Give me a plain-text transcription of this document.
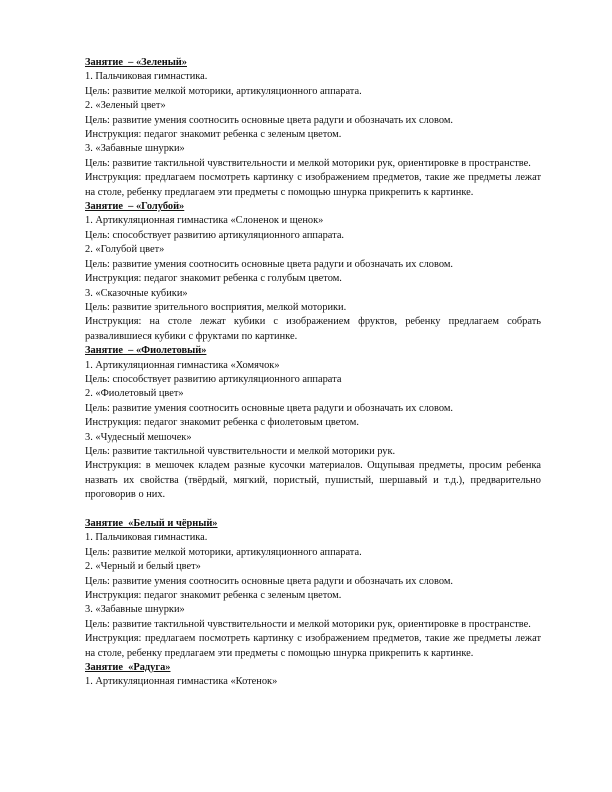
Занятие  – «Зеленый»

1. Пальчиковая гимнастика.

Цель: развитие мелкой моторики, артикуляционного аппарата.

2. «Зеленый цвет»

Цель: развитие умения соотносить основные цвета радуги и обозначать их словом.

Инструкция: педагог знакомит ребенка с зеленым цветом.

3. «Забавные шнурки»

Цель: развитие тактильной чувствительности и мелкой моторики рук, ориентировке в пространстве.

Инструкция: предлагаем посмотреть картинку с изображением предметов, такие же предметы лежат на столе, ребенку предлагаем эти предметы с помощью шнурка прикрепить к картинке.

Занятие  – «Голубой»

1. Артикуляционная гимнастика «Слоненок и щенок»

Цель: способствует развитию артикуляционного аппарата.

2. «Голубой цвет»

Цель: развитие умения соотносить основные цвета радуги и обозначать их словом.

Инструкция: педагог знакомит ребенка с голубым цветом.

3. «Сказочные кубики»

Цель: развитие зрительного восприятия, мелкой моторики.

Инструкция: на столе лежат кубики с изображением фруктов, ребенку предлагаем собрать развалившиеся кубики с фруктами по картинке.

Занятие  – «Фиолетовый»

1. Артикуляционная гимнастика «Хомячок»

Цель: способствует развитию артикуляционного аппарата

2. «Фиолетовый цвет»

Цель: развитие умения соотносить основные цвета радуги и обозначать их словом.

Инструкция: педагог знакомит ребенка с фиолетовым цветом.

3. «Чудесный мешочек»

Цель: развитие тактильной чувствительности и мелкой моторики рук.

Инструкция: в мешочек кладем разные кусочки материалов. Ощупывая предметы, просим ребенка назвать их свойства (твёрдый, мягкий, пористый, пушистый, шершавый и т.д.), предварительно проговорив о них.

Занятие  «Белый и чёрный»

1. Пальчиковая гимнастика.

Цель: развитие мелкой моторики, артикуляционного аппарата.

2. «Черный и белый цвет»

Цель: развитие умения соотносить основные цвета радуги и обозначать их словом.

Инструкция: педагог знакомит ребенка с зеленым цветом.

3. «Забавные шнурки»

Цель: развитие тактильной чувствительности и мелкой моторики рук, ориентировке в пространстве.

Инструкция: предлагаем посмотреть картинку с изображением предметов, такие же предметы лежат на столе, ребенку предлагаем эти предметы с помощью шнурка прикрепить к картинке.

Занятие  «Радуга»

1. Артикуляционная гимнастика «Котенок»
